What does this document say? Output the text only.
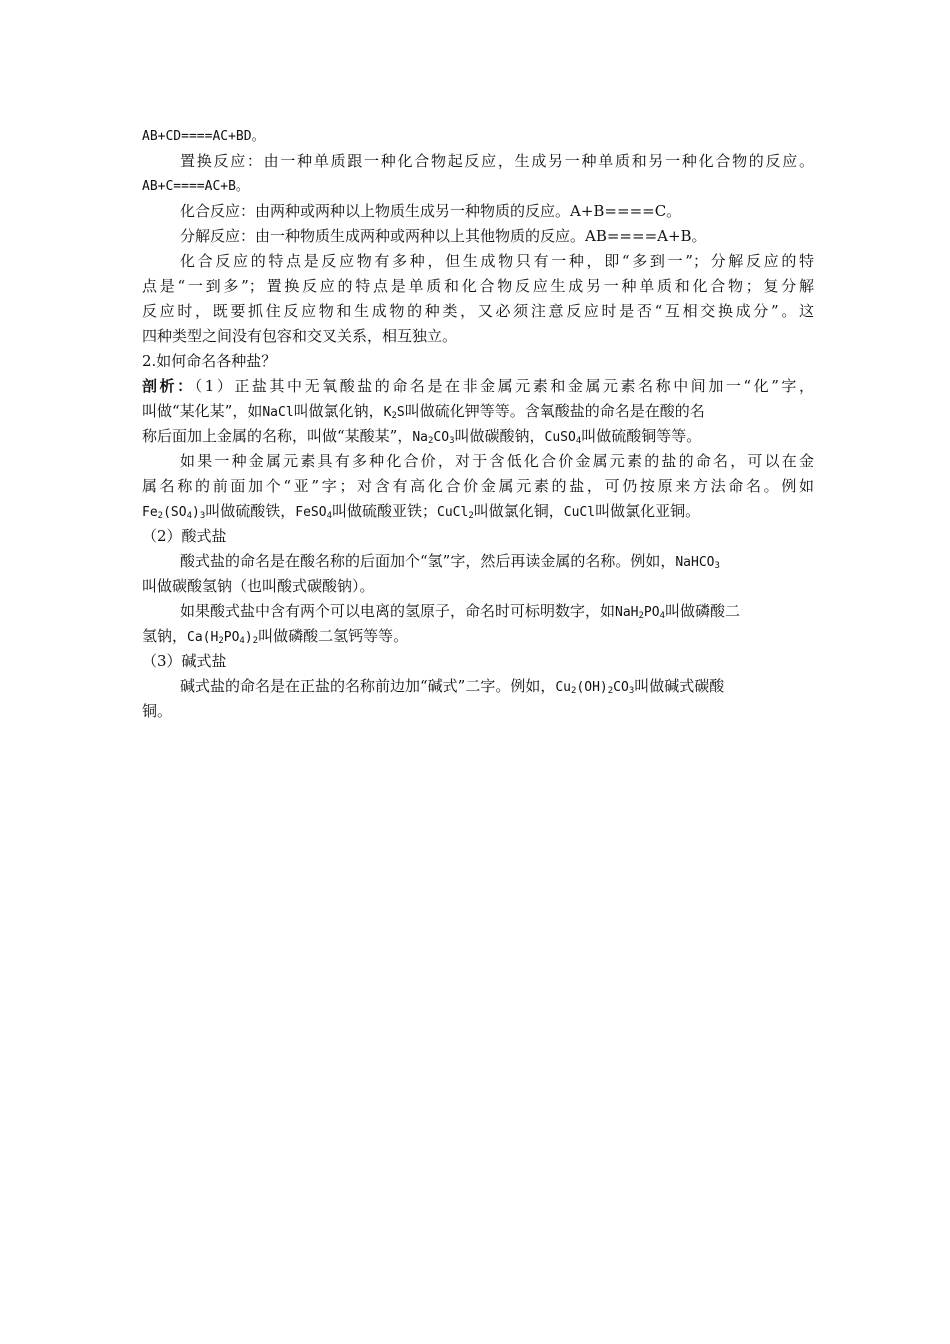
AB+CD====AC+BD。
置换反应：由一种单质跟一种化合物起反应，生成另一种单质和另一种化合物的反应。
AB+C====AC+B。
化合反应：由两种或两种以上物质生成另一种物质的反应。A+B====C。
分解反应：由一种物质生成两种或两种以上其他物质的反应。AB====A+B。
化合反应的特点是反应物有多种，但生成物只有一种，即“多到一”；分解反应的特
点是“一到多”；置换反应的特点是单质和化合物反应生成另一种单质和化合物；复分解
反应时，既要抓住反应物和生成物的种类，又必须注意反应时是否“互相交换成分”。这
四种类型之间没有包容和交叉关系，相互独立。
2.如何命名各种盐？
剖析：（1）正盐其中无氧酸盐的命名是在非金属元素和金属元素名称中间加一“化”字，
叫做“某化某”，如NaCl叫做氯化钠，$K_2S$叫做硫化钾等等。含氧酸盐的命名是在酸的名
称后面加上金属的名称，叫做“某酸某”，$Na_2CO_3$叫做碳酸钠，CuSO$_4$叫做硫酸铜等等。
如果一种金属元素具有多种化合价，对于含低化合价金属元素的盐的命名，可以在金
属名称的前面加个“亚”字；对含有高化合价金属元素的盐，可仍按原来方法命名。例如
$Fe_2(SO_4)_3$叫做硫酸铁，FeSO$_4$叫做硫酸亚铁；CuCl$_2$叫做氯化铜，CuCl叫做氯化亚铜。
（2）酸式盐
酸式盐的命名是在酸名称的后面加个“氢”字，然后再读金属的名称。例如，NaHCO$_3$
叫做碳酸氢钠（也叫酸式碳酸钠）。
如果酸式盐中含有两个可以电离的氢原子，命名时可标明数字，如$NaH_2PO_4$叫做磷酸二
氢钠，$Ca(H_2PO_4)_2$叫做磷酸二氢钙等等。
（3）碱式盐
碱式盐的命名是在正盐的名称前边加“碱式”二字。例如，$Cu_2(OH)_2CO_3$叫做碱式碳酸
铜。
